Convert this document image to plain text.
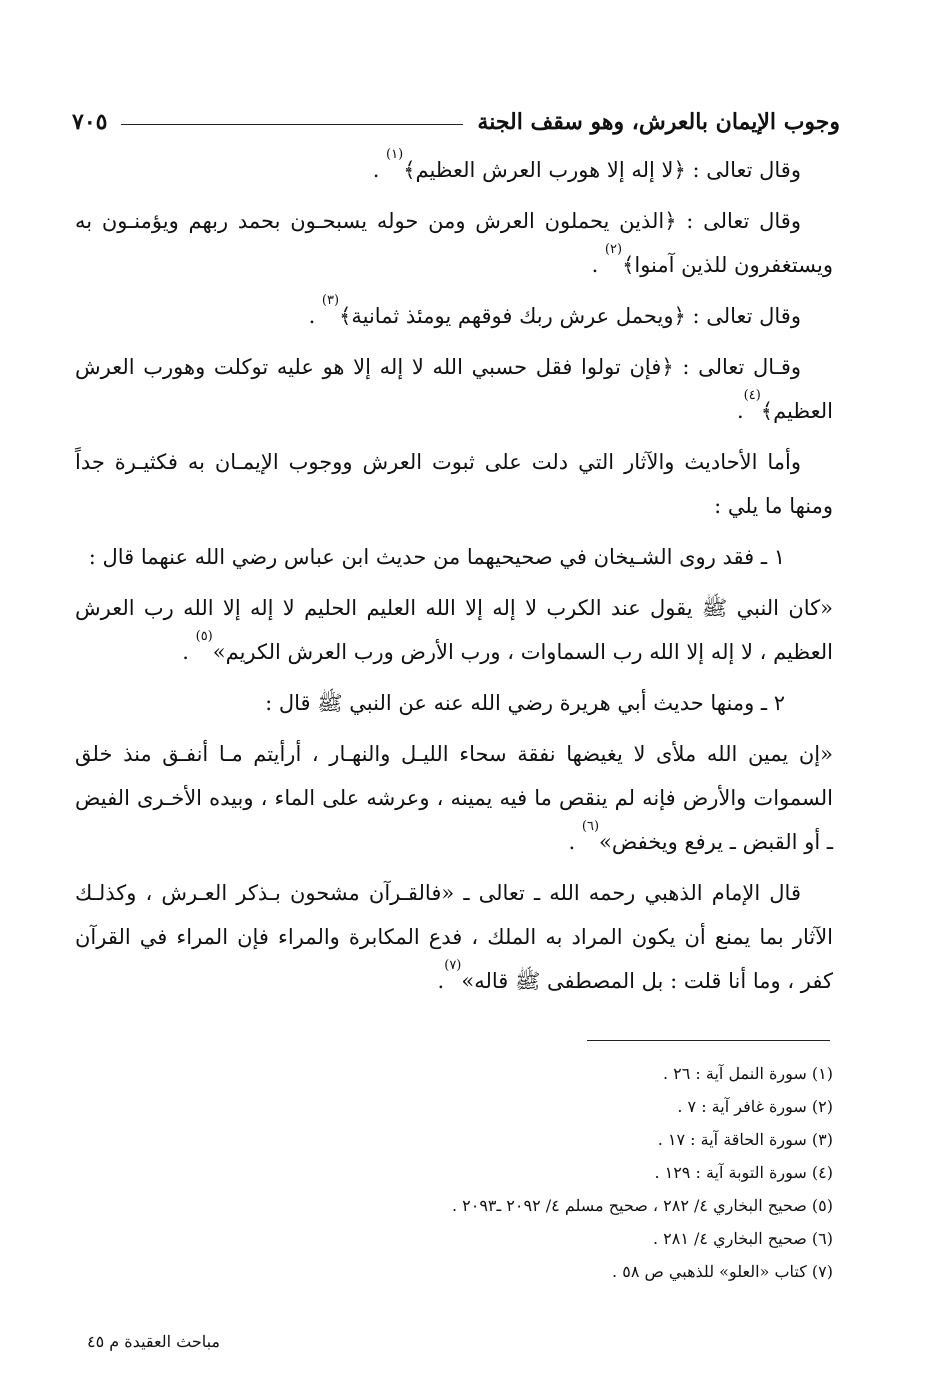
وجوب الإيمان بالعرش، وهو سقف الجنة
٧٠٥

وقال تعالى : ﴿لا إله إلا هورب العرش العظيم﴾$^{(١)}$ .

وقال تعالى : ﴿الذين يحملون العرش ومن حوله يسبحـون بحمد ربهم ويؤمنـون به ويستغفرون للذين آمنوا﴾$^{(٢)}$ .

وقال تعالى : ﴿ويحمل عرش ربك فوقهم يومئذ ثمانية﴾$^{(٣)}$ .

وقـال تعالى : ﴿فإن تولوا فقل حسبي الله لا إله إلا هو عليه توكلت وهورب العرش العظيم﴾$^{(٤)}$.

وأما الأحاديث والآثار التي دلت على ثبوت العرش ووجوب الإيمـان به فكثيـرة جداً ومنها ما يلي :

١ ـ فقد روى الشـيخان في صحيحيهما من حديث ابن عباس رضي الله عنهما قال :

«كان النبي ﷺ يقول عند الكرب لا إله إلا الله العليم الحليم لا إله إلا الله رب العرش العظيم ، لا إله إلا الله رب السماوات ، ورب الأرض ورب العرش الكريم»$^{(٥)}$ .

٢ ـ ومنها حديث أبي هريرة رضي الله عنه عن النبي ﷺ قال :

«إن يمين الله ملأى لا يغيضها نفقة سحاء الليـل والنهـار ، أرأيتم مـا أنفـق منذ خلق السموات والأرض فإنه لم ينقص ما فيه يمينه ، وعرشه على الماء ، وبيده الأخـرى الفيض ـ أو القبض ـ يرفع ويخفض»$^{(٦)}$ .

قال الإمام الذهبي رحمه الله ـ تعالى ـ «فالقـرآن مشحون بـذكر العـرش ، وكذلـك الآثار بما يمنع أن يكون المراد به الملك ، فدع المكابرة والمراء فإن المراء في القرآن كفر ، وما أنا قلت : بل المصطفى ﷺ قاله»$^{(٧)}$.

(١) سورة النمل آية : ٢٦ .
(٢) سورة غافر آية : ٧ .
(٣) سورة الحاقة آية : ١٧ .
(٤) سورة التوبة آية : ١٢٩ .
(٥) صحيح البخاري ٤/ ٢٨٢ ، صحيح مسلم ٤/ ٢٠٩٢ ـ٢٠٩٣ .
(٦) صحيح البخاري ٤/ ٢٨١ .
(٧) كتاب «العلو» للذهبي ص ٥٨ .
مباحث العقيدة م ٤٥
